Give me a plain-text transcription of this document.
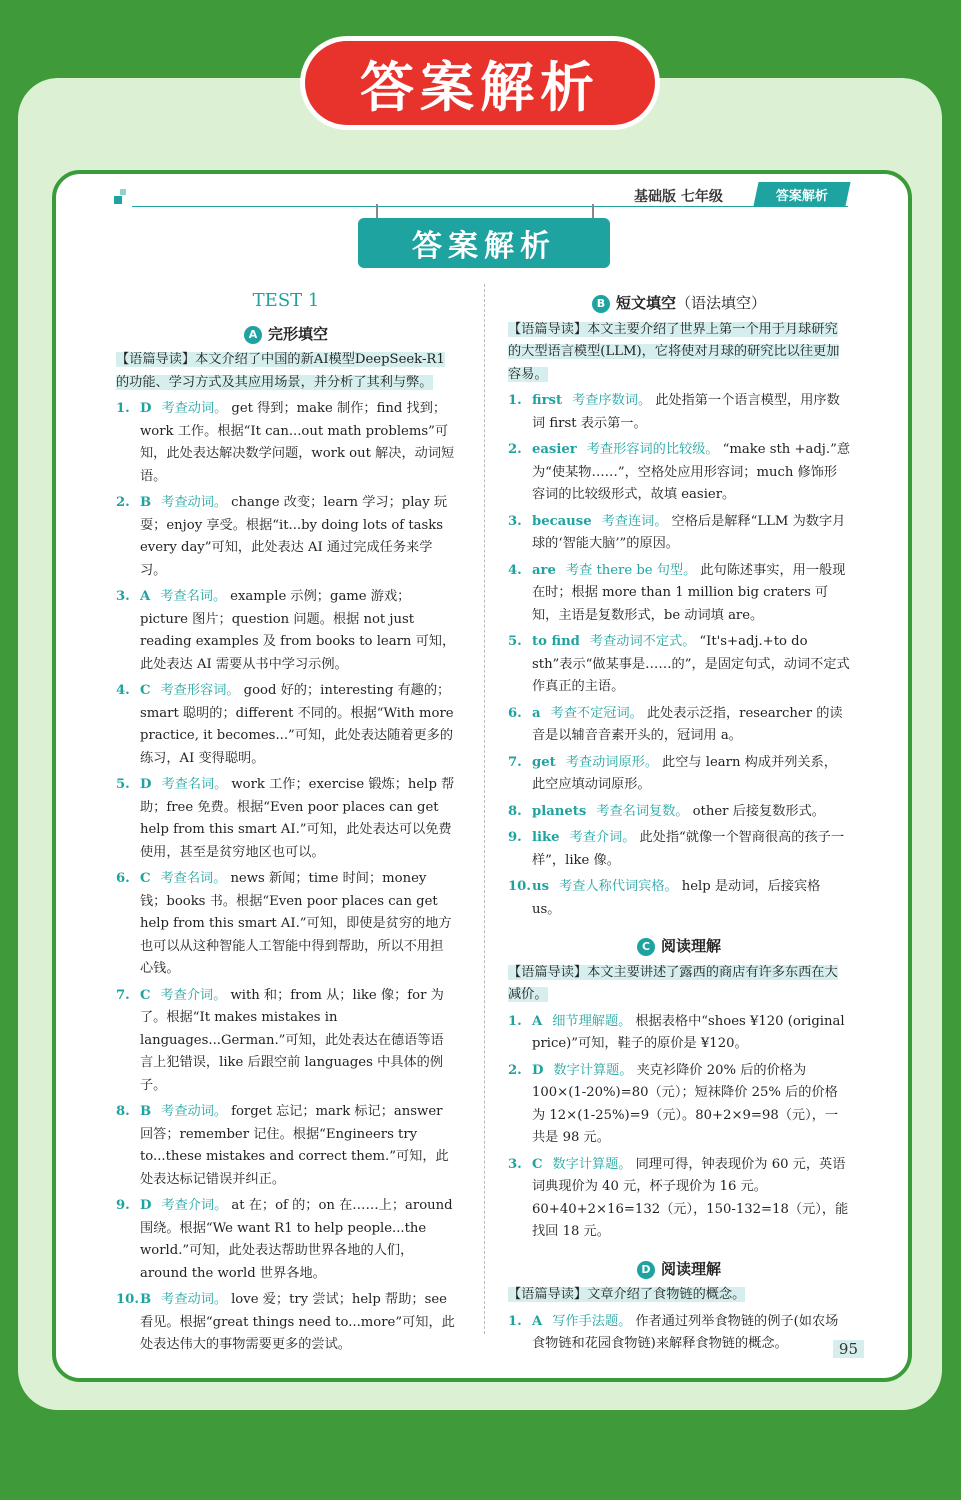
答案解析
基础版 七年级	答案解析
答案解析
TEST 1
A 完形填空
【语篇导读】本文介绍了中国的新AI模型DeepSeek-R1的功能、学习方式及其应用场景，并分析了其利与弊。
1. D 考查动词。 get 得到；make 制作；find 找到；work 工作。根据“It can...out math problems”可知，此处表达解决数学问题，work out 解决，动词短语。
2. B 考查动词。 change 改变；learn 学习；play 玩耍；enjoy 享受。根据“it...by doing lots of tasks every day”可知，此处表达 AI 通过完成任务来学习。
3. A 考查名词。 example 示例；game 游戏；picture 图片；question 问题。根据 not just reading examples 及 from books to learn 可知，此处表达 AI 需要从书中学习示例。
4. C 考查形容词。 good 好的；interesting 有趣的；smart 聪明的；different 不同的。根据“With more practice, it becomes...”可知，此处表达随着更多的练习，AI 变得聪明。
5. D 考查名词。 work 工作；exercise 锻炼；help 帮助；free 免费。根据“Even poor places can get help from this smart AI.”可知，此处表达可以免费使用，甚至是贫穷地区也可以。
6. C 考查名词。 news 新闻；time 时间；money 钱；books 书。根据“Even poor places can get help from this smart AI.”可知，即使是贫穷的地方也可以从这种智能人工智能中得到帮助，所以不用担心钱。
7. C 考查介词。 with 和；from 从；like 像；for 为了。根据“It makes mistakes in languages...German.”可知，此处表达在德语等语言上犯错误，like 后跟空前 languages 中具体的例子。
8. B 考查动词。 forget 忘记；mark 标记；answer 回答；remember 记住。根据“Engineers try to...these mistakes and correct them.”可知，此处表达标记错误并纠正。
9. D 考查介词。 at 在；of 的；on 在……上；around 围绕。根据“We want R1 to help people...the world.”可知，此处表达帮助世界各地的人们，around the world 世界各地。
10. B 考查动词。 love 爱；try 尝试；help 帮助；see 看见。根据“great things need to...more”可知，此处表达伟大的事物需要更多的尝试。
B 短文填空（语法填空）
【语篇导读】本文主要介绍了世界上第一个用于月球研究的大型语言模型(LLM)，它将使对月球的研究比以往更加容易。
1. first 考查序数词。 此处指第一个语言模型，用序数词 first 表示第一。
2. easier 考查形容词的比较级。 “make sth +adj.”意为“使某物……”，空格处应用形容词；much 修饰形容词的比较级形式，故填 easier。
3. because 考查连词。 空格后是解释“LLM 为数字月球的‘智能大脑’”的原因。
4. are 考查 there be 句型。 此句陈述事实，用一般现在时；根据 more than 1 million big craters 可知，主语是复数形式，be 动词填 are。
5. to find 考查动词不定式。 “It's+adj.+to do sth”表示“做某事是……的”，是固定句式，动词不定式作真正的主语。
6. a 考查不定冠词。 此处表示泛指，researcher 的读音是以辅音音素开头的，冠词用 a。
7. get 考查动词原形。 此空与 learn 构成并列关系，此空应填动词原形。
8. planets 考查名词复数。 other 后接复数形式。
9. like 考查介词。 此处指“就像一个智商很高的孩子一样”，like 像。
10. us 考查人称代词宾格。 help 是动词，后接宾格 us。
C 阅读理解
【语篇导读】本文主要讲述了露西的商店有许多东西在大减价。
1. A 细节理解题。 根据表格中“shoes ¥120 (original price)”可知，鞋子的原价是 ¥120。
2. D 数字计算题。 夹克衫降价 20% 后的价格为 100×(1-20%)=80（元）；短袜降价 25% 后的价格为 12×(1-25%)=9（元）。80+2×9=98（元），一共是 98 元。
3. C 数字计算题。 同理可得，钟表现价为 60 元，英语词典现价为 40 元，杯子现价为 16 元。60+40+2×16=132（元），150-132=18（元），能找回 18 元。
D 阅读理解
【语篇导读】文章介绍了食物链的概念。
1. A 写作手法题。 作者通过列举食物链的例子(如农场食物链和花园食物链)来解释食物链的概念。	95
